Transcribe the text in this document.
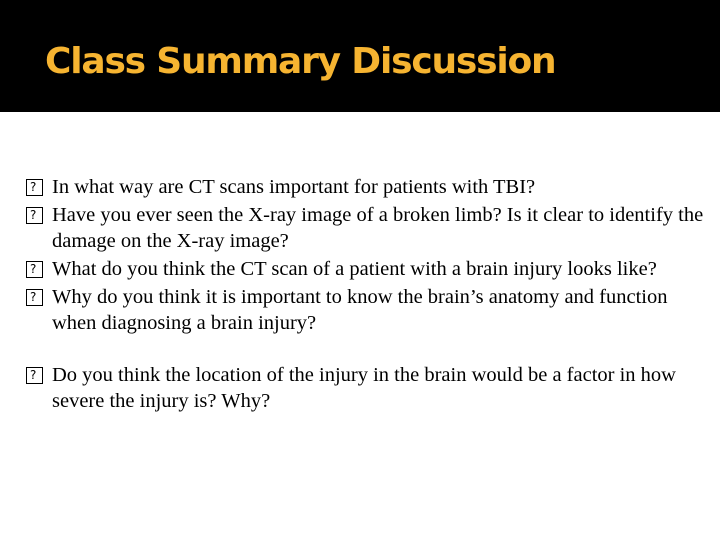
Class Summary Discussion
?
In what way are CT scans important for patients with TBI?
?
Have you ever seen the X-ray image of a broken limb? Is it clear to identify the damage on the X-ray image?
?
What do you think the CT scan of a patient with a brain injury looks like?
?
Why do you think it is important to know the brain’s anatomy and function when diagnosing a brain injury?
?
Do you think the location of the injury in the brain would be a factor in how severe the injury is? Why?
